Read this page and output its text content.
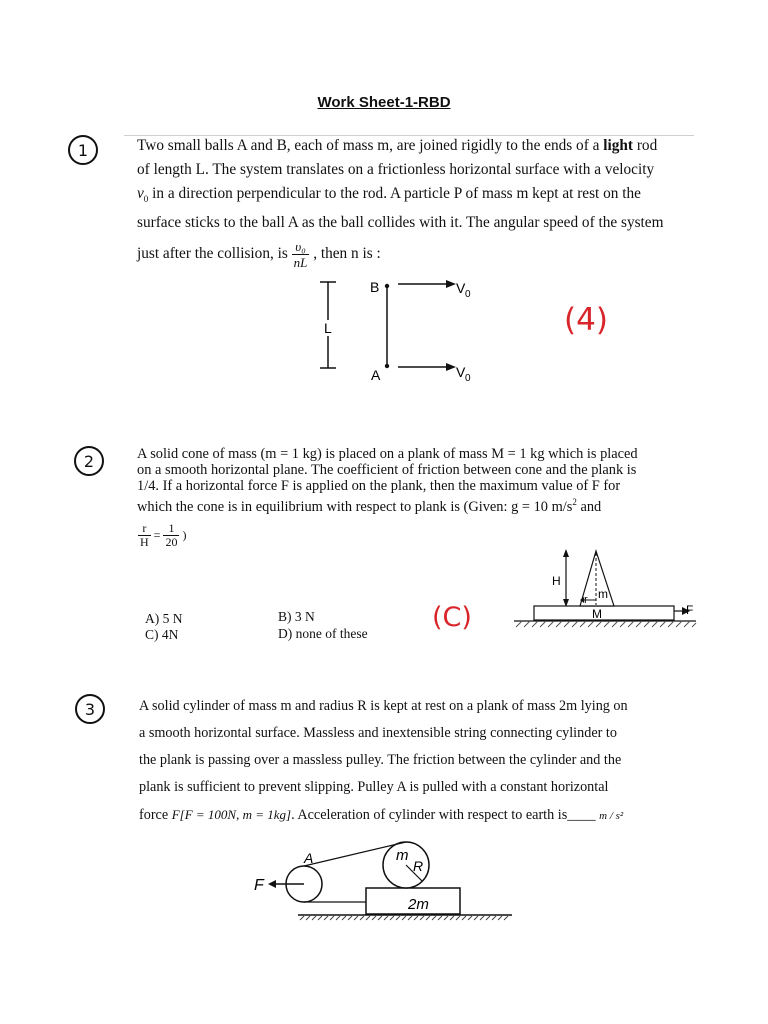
Work Sheet-1-RBD
1	Two small balls A and B, each of mass m, are joined rigidly to the ends of a light rod
of length L. The system translates on a frictionless horizontal surface with a velocity
$v_0$ in a direction perpendicular to the rod. A particle P of mass m kept at rest on the
surface sticks to the ball A as the ball collides with it. The angular speed of the system
just after the collision, is $\frac{\text{υ₀}}{nL}$ , then n is :
L
B
A
V 0
V 0
(4)
2	A solid cone of mass (m = 1 kg) is placed on a plank of mass M = 1 kg which is placed
on a smooth horizontal plane. The coefficient of friction between cone and the plank is
1/4. If a horizontal force F is applied on the plank, then the maximum value of F for
which the cone is in equilibrium with respect to plank is (Given: g = 10 $m/s^2$ and
$\frac{r}{H} = \frac{1}{20}$ )
A) 5 N	B) 3 N
C) 4N	D) none of these
(C)
H
r m
M	F
3	A solid cylinder of mass m and radius R is kept at rest on a plank of mass 2m lying on
a smooth horizontal surface. Massless and inextensible string connecting cylinder to
the plank is passing over a massless pulley. The friction between the cylinder and the
plank is sufficient to prevent slipping. Pulley A is pulled with a constant horizontal
force F[F = 100N, m = 1kg]. Acceleration of cylinder with respect to earth is____ m / s²
2m
m
R
A
F
